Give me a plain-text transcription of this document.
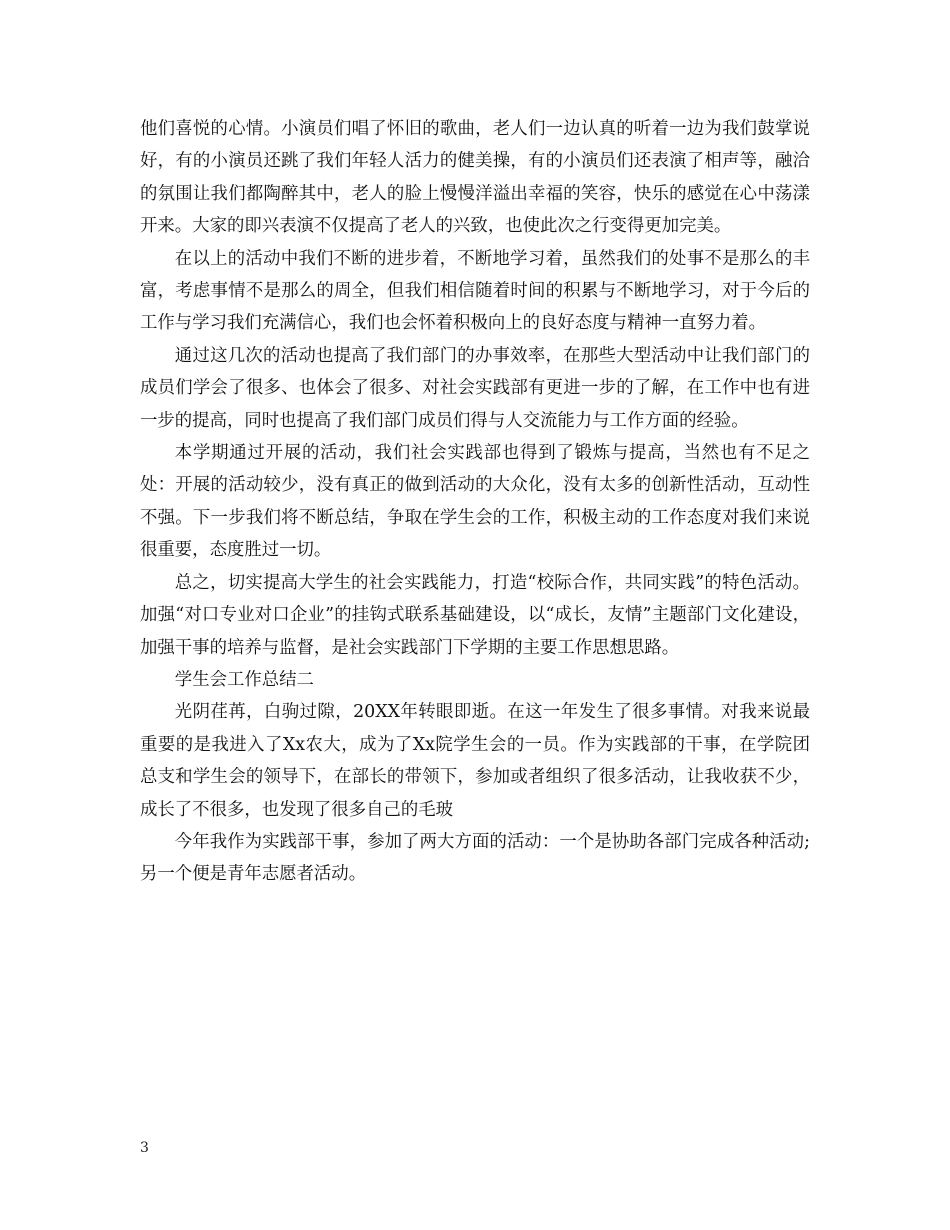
他们喜悦的心情。小演员们唱了怀旧的歌曲，老人们一边认真的听着一边为我们鼓掌说好，有的小演员还跳了我们年轻人活力的健美操，有的小演员们还表演了相声等，融洽的氛围让我们都陶醉其中，老人的脸上慢慢洋溢出幸福的笑容，快乐的感觉在心中荡漾开来。大家的即兴表演不仅提高了老人的兴致，也使此次之行变得更加完美。

在以上的活动中我们不断的进步着，不断地学习着，虽然我们的处事不是那么的丰富，考虑事情不是那么的周全，但我们相信随着时间的积累与不断地学习，对于今后的工作与学习我们充满信心，我们也会怀着积极向上的良好态度与精神一直努力着。

通过这几次的活动也提高了我们部门的办事效率，在那些大型活动中让我们部门的成员们学会了很多、也体会了很多、对社会实践部有更进一步的了解，在工作中也有进一步的提高，同时也提高了我们部门成员们得与人交流能力与工作方面的经验。

本学期通过开展的活动，我们社会实践部也得到了锻炼与提高，当然也有不足之处：开展的活动较少，没有真正的做到活动的大众化，没有太多的创新性活动，互动性不强。下一步我们将不断总结，争取在学生会的工作，积极主动的工作态度对我们来说很重要，态度胜过一切。

总之，切实提高大学生的社会实践能力，打造“校际合作，共同实践”的特色活动。加强“对口专业对口企业”的挂钩式联系基础建设，以“成长，友情”主题部门文化建设，加强干事的培养与监督，是社会实践部门下学期的主要工作思想思路。

学生会工作总结二

光阴荏苒，白驹过隙，20XX年转眼即逝。在这一年发生了很多事情。对我来说最重要的是我进入了Xx农大，成为了Xx院学生会的一员。作为实践部的干事，在学院团总支和学生会的领导下，在部长的带领下，参加或者组织了很多活动，让我收获不少，成长了不很多，也发现了很多自己的毛玻

今年我作为实践部干事，参加了两大方面的活动：一个是协助各部门完成各种活动;另一个便是青年志愿者活动。

3
